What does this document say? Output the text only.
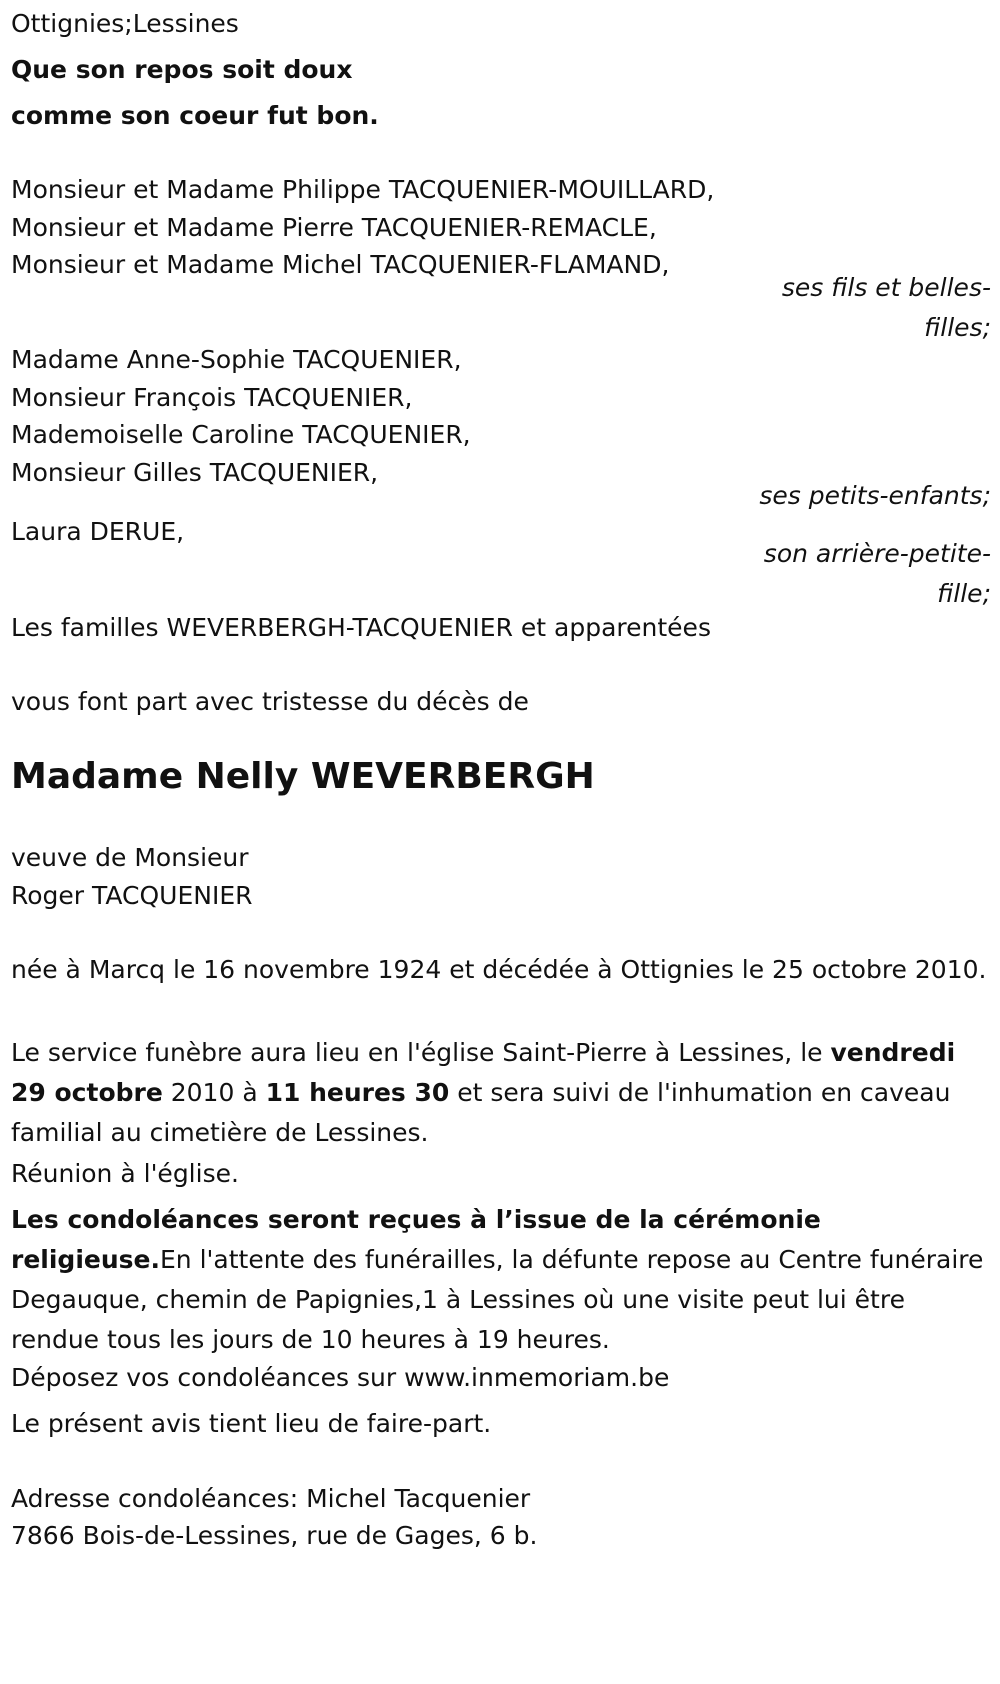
Ottignies;Lessines
Que son repos soit doux
comme son coeur fut bon.
Monsieur et Madame Philippe TACQUENIER-MOUILLARD,
Monsieur et Madame Pierre TACQUENIER-REMACLE,
Monsieur et Madame Michel TACQUENIER-FLAMAND,
ses fils et belles-filles;
Madame Anne-Sophie TACQUENIER,
Monsieur François TACQUENIER,
Mademoiselle Caroline TACQUENIER,
Monsieur Gilles TACQUENIER,
ses petits-enfants;
Laura DERUE,
son arrière-petite-fille;
Les familles WEVERBERGH-TACQUENIER et apparentées
vous font part avec tristesse du décès de
Madame Nelly WEVERBERGH
veuve de Monsieur
Roger TACQUENIER
née à Marcq le 16 novembre 1924 et décédée à Ottignies le 25 octobre 2010.
Le service funèbre aura lieu en l'église Saint-Pierre à Lessines, le vendredi 29 octobre 2010 à 11 heures 30 et sera suivi de l'inhumation en caveau familial au cimetière de Lessines.
Réunion à l'église.
Les condoléances seront reçues à l’issue de la cérémonie religieuse.En l'attente des funérailles, la défunte repose au Centre funéraire Degauque, chemin de Papignies,1 à Lessines où une visite peut lui être rendue tous les jours de 10 heures à 19 heures.
Déposez vos condoléances sur www.inmemoriam.be
Le présent avis tient lieu de faire-part.
Adresse condoléances: Michel Tacquenier
7866 Bois-de-Lessines, rue de Gages, 6 b.
